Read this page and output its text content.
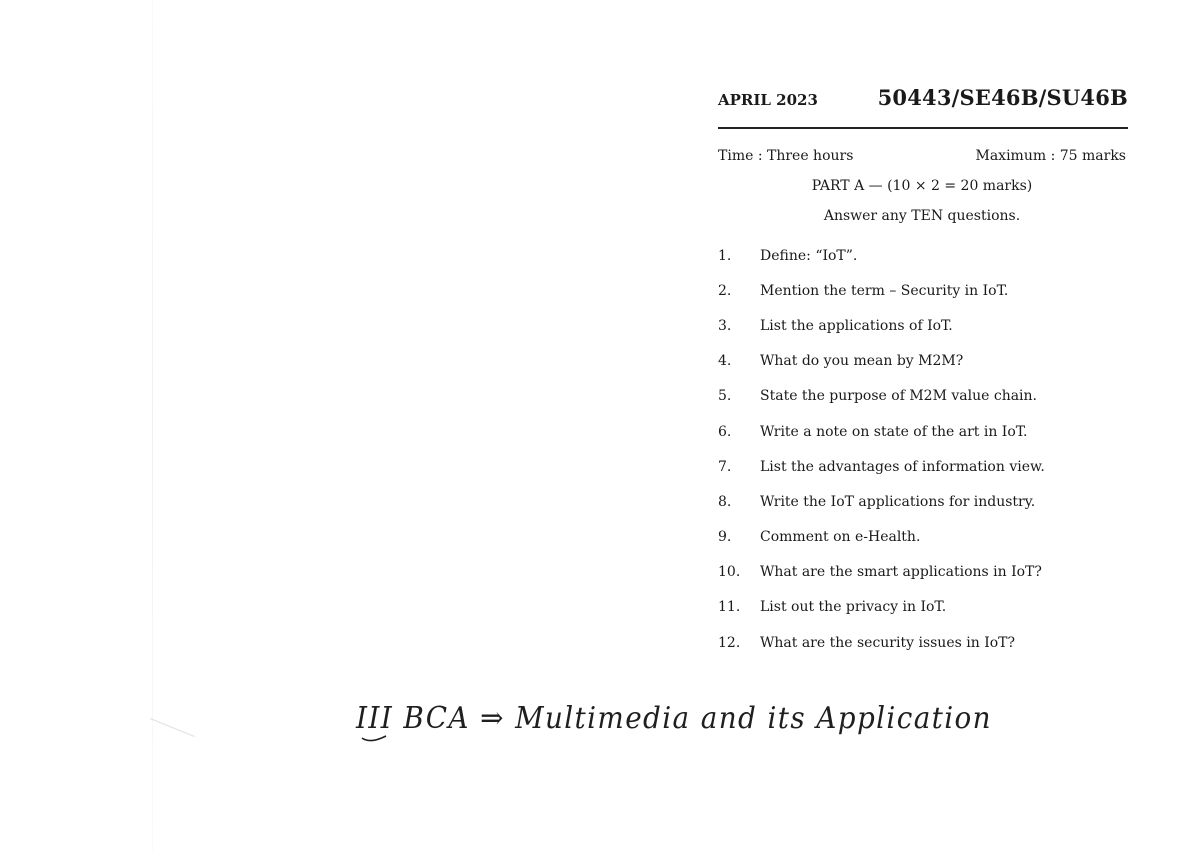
APRIL 2023	50443/SE46B/SU46B
Time : Three hours	Maximum : 75 marks
PART A — (10 × 2 = 20 marks)
Answer any TEN questions.
1.	Define: “IoT”.
2.	Mention the term – Security in IoT.
3.	List the applications of IoT.
4.	What do you mean by M2M?
5.	State the purpose of M2M value chain.
6.	Write a note on state of the art in IoT.
7.	List the advantages of information view.
8.	Write the IoT applications for industry.
9.	Comment on e-Health.
10.	What are the smart applications in IoT?
11.	List out the privacy in IoT.
12.	What are the security issues in IoT?
III BCA ⇒ Multimedia and its Application
